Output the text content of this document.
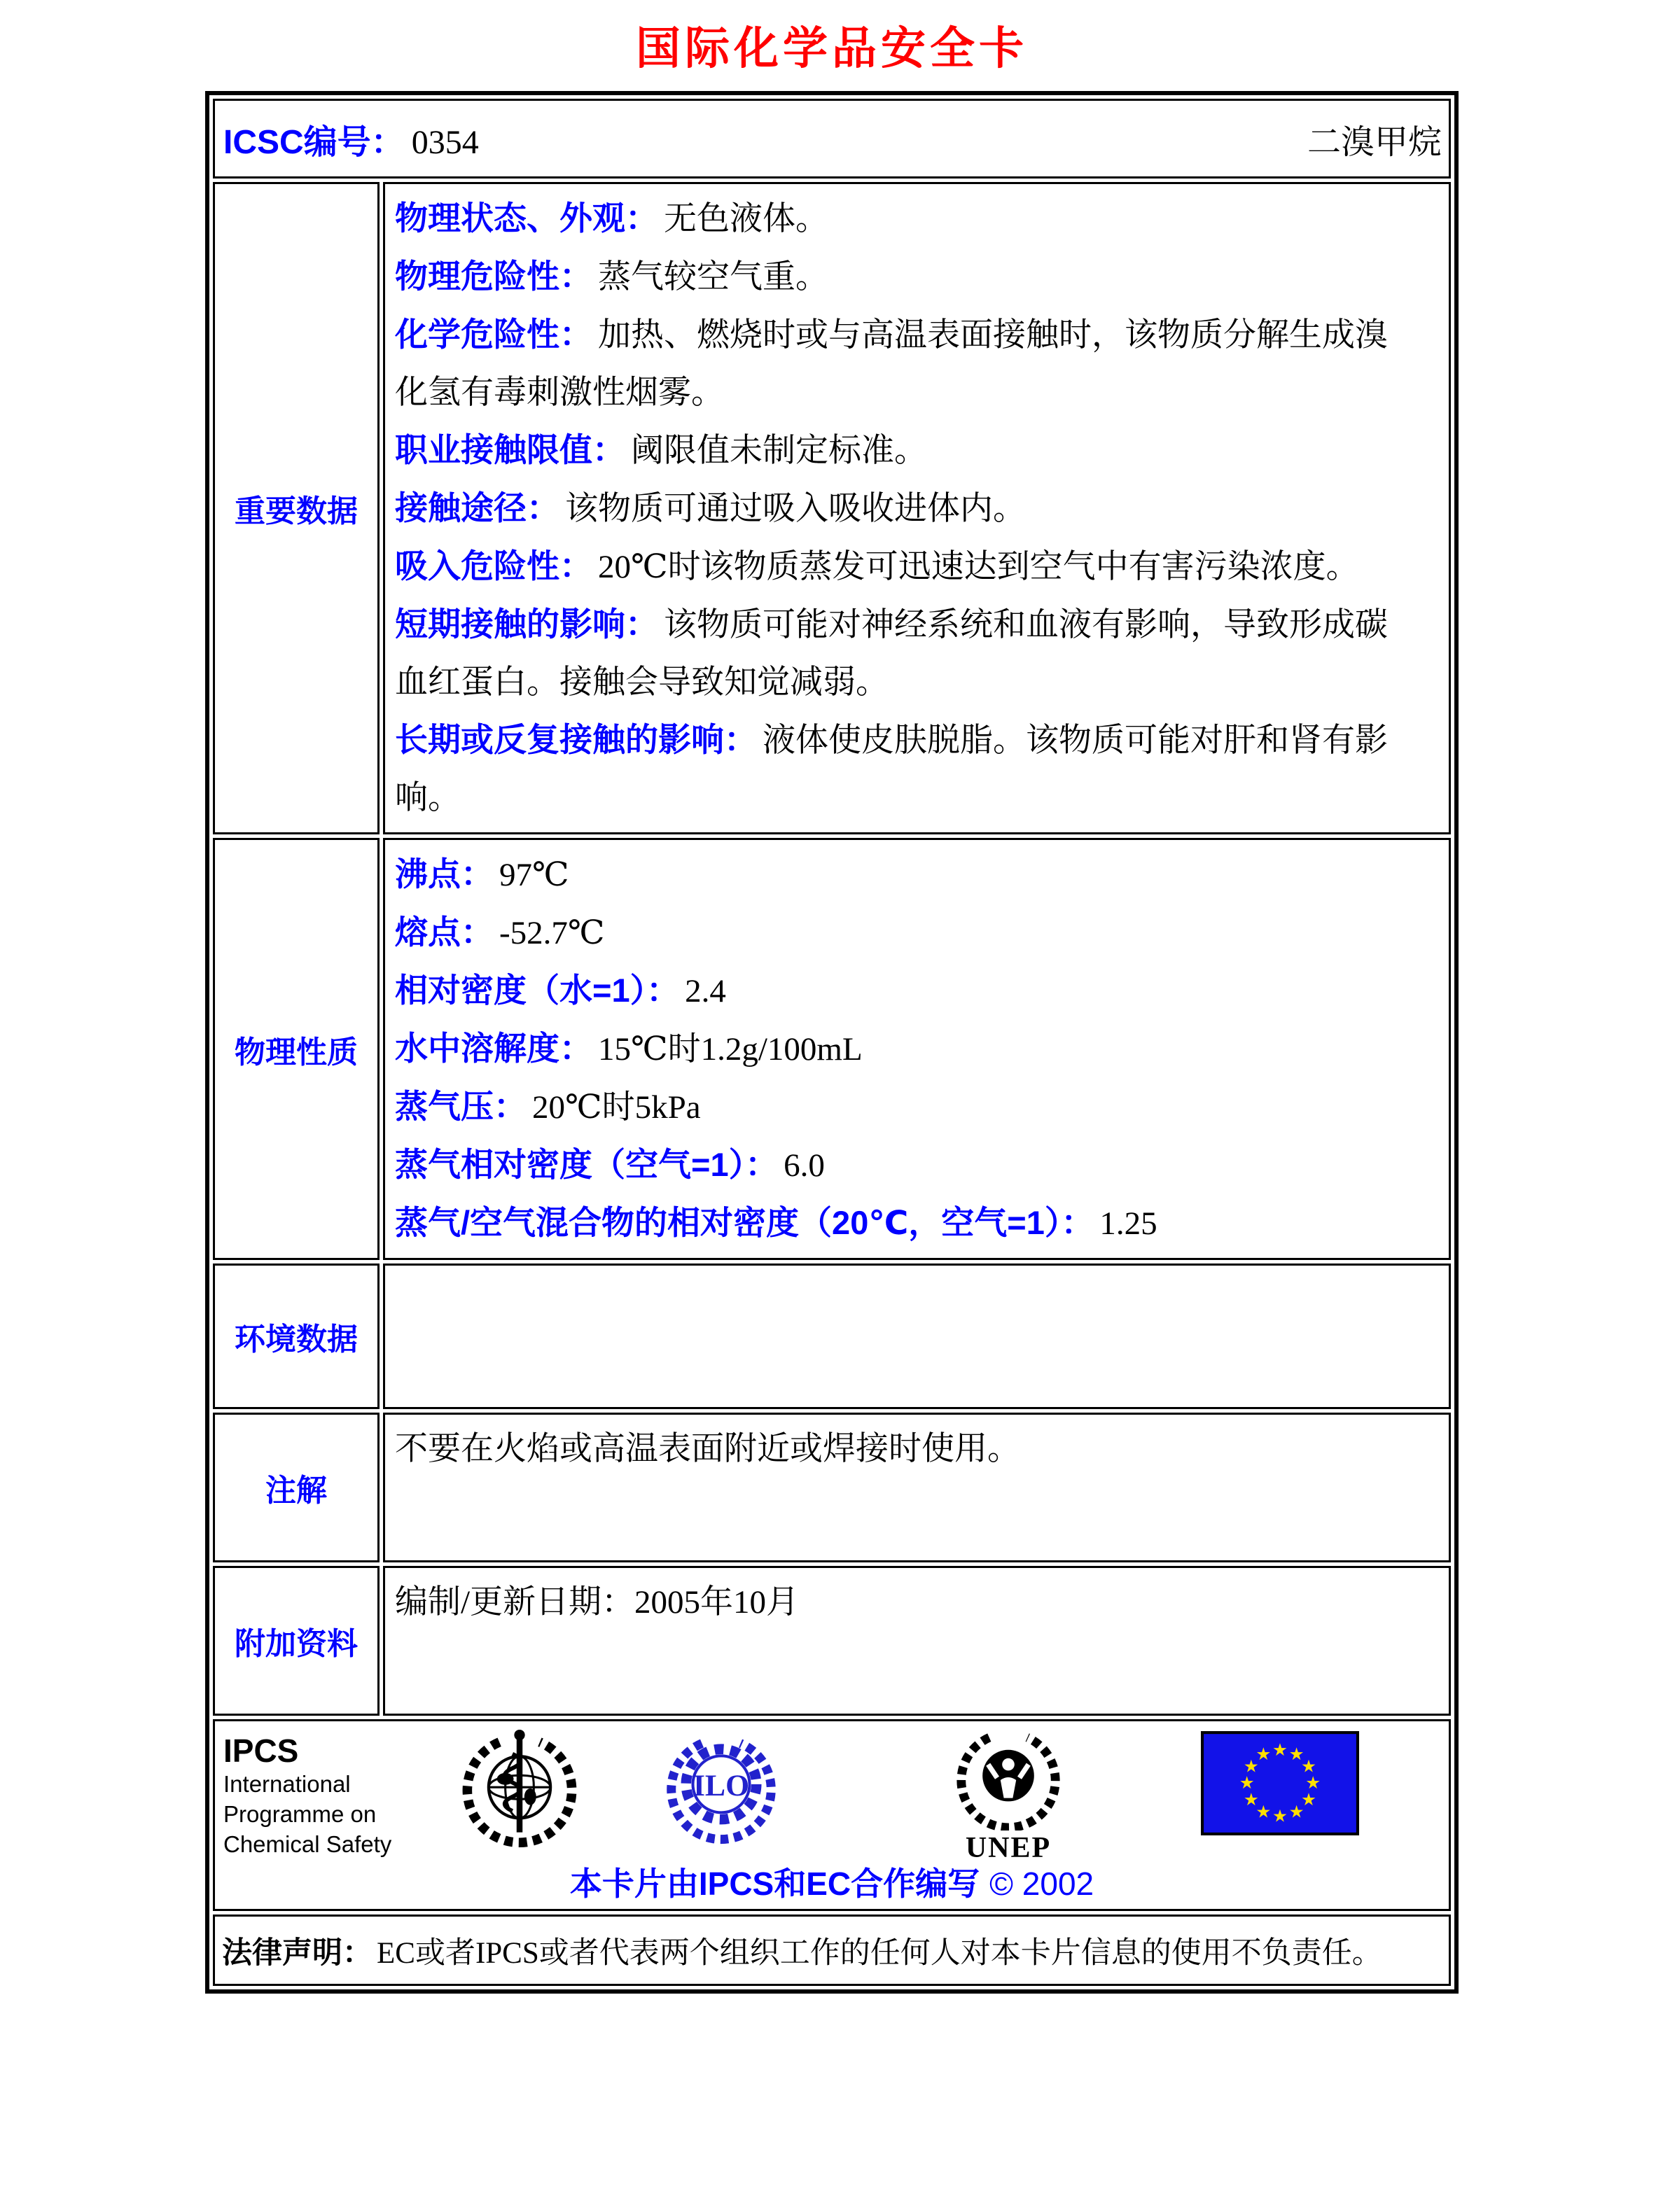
国际化学品安全卡
ICSC编号： 0354 二溴甲烷	

重要数据	
物理状态、外观： 无色液体。
物理危险性： 蒸气较空气重。
化学危险性： 加热、燃烧时或与高温表面接触时，该物质分解生成溴化氢有毒刺激性烟雾。
职业接触限值： 阈限值未制定标准。
接触途径： 该物质可通过吸入吸收进体内。
吸入危险性： 20℃时该物质蒸发可迅速达到空气中有害污染浓度。
短期接触的影响： 该物质可能对神经系统和血液有影响，导致形成碳血红蛋白。接触会导致知觉减弱。
长期或反复接触的影响： 液体使皮肤脱脂。该物质可能对肝和肾有影响。

物理性质	
沸点： 97℃
熔点： -52.7℃
相对密度（水=1）： 2.4
水中溶解度： 15℃时1.2g/100mL
蒸气压： 20℃时5kPa
蒸气相对密度（空气=1）： 6.0
蒸气/空气混合物的相对密度（20℃，空气=1）： 1.25

环境数据	
注解	不要在火焰或高温表面附近或焊接时使用。

附加资料	编制/更新日期：2005年10月

IPCS
International
Programme on
Chemical Safety
ILO
UNEP
★ ★
★
★
★
★
★
★
★
★
★
★
本卡片由IPCS和EC合作编写 © 2002

法律声明： EC或者IPCS或者代表两个组织工作的任何人对本卡片信息的使用不负责任。	
